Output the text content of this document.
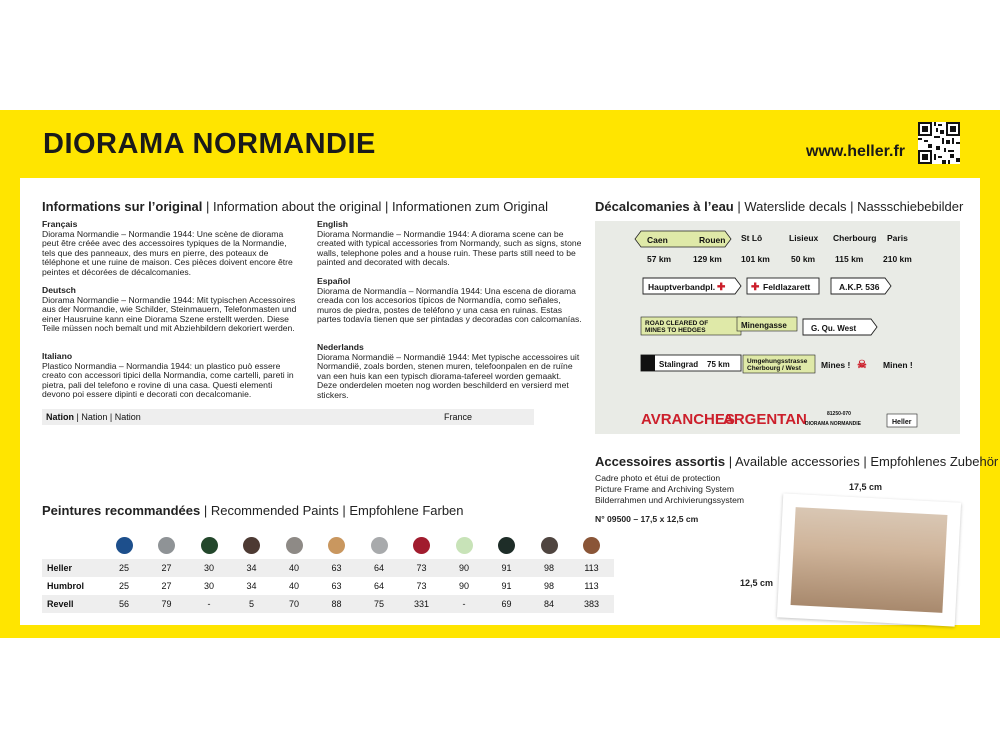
DIORAMA NORMANDIE	www.heller.fr
Informations sur l’original | Information about the original | Informationen zum Original
Français
Diorama Normandie – Normandie 1944: Une scène de diorama peut être créée avec des accessoires typiques de la Normandie, tels que des panneaux, des murs en pierre, des poteaux de téléphone et une ruine de maison. Ces pièces doivent encore être peintes et décorées de décalcomanies.
Deutsch
Diorama Normandie – Normandie 1944: Mit typischen Accessoires aus der Normandie, wie Schilder, Steinmauern, Telefonmasten und einer Hausruine kann eine Diorama Szene erstellt werden. Diese Teile müssen noch bemalt und mit Abziehbildern dekoriert werden.
Italiano
Plastico Normandia – Normandia 1944: un plastico può essere creato con accessori tipici della Normandia, come cartelli, pareti in pietra, pali del telefono e rovine di una casa. Questi elementi devono poi essere dipinti e decorati con decalcomanie.
English
Diorama Normandie – Normandie 1944: A diorama scene can be created with typical accessories from Normandy, such as signs, stone walls, telephone poles and a house ruin. These parts still need to be painted and decorated with decals.
Español
Diorama de Normandía – Normandía 1944: Una escena de diorama creada con los accesorios típicos de Normandía, como señales, muros de piedra, postes de teléfono y una casa en ruinas. Estas partes todavía tienen que ser pintadas y decoradas con calcomanías.
Nederlands
Diorama Normandië – Normandië 1944: Met typische accessoires uit Normandië, zoals borden, stenen muren, telefoonpalen en de ruïne van een huis kan een typisch diorama-tafereel worden gemaakt. Deze onderdelen moeten nog worden beschilderd en versierd met stickers.
Nation | Nation | Nation	France
Peintures recommandées | Recommended Paints | Empfohlene Farben
Heller	25	27	30	34	40	63	64	73	90	91	98	113
Humbrol	25	27	30	34	40	63	64	73	90	91	98	113
Revell	56	79	-	5	70	88	75	331	-	69	84	383
Décalcomanies à l’eau | Waterslide decals | Nassschiebebilder
Caen	Rouen
57 km	129 km
St Lô	Lisieux
101 km 50 km
Cherbourg Paris
115 km 210 km
Hauptverbandpl. ✚	✚ Feldlazarett	A.K.P. 536
ROAD CLEARED OF
MINES TO HEDGES
Minengasse	G. Qu. West
Stalingrad 75 km	Umgehungsstrasse
Cherbourg / West Mines ! ☠ Minen !
AVRANCHES
ARGENTAN	81250-070
DIORAMA NORMANDIE	Heller
Accessoires assortis | Available accessories | Empfohlenes Zubehör
Cadre photo et étui de protection
Picture Frame and Archiving System
Bilderrahmen und Archivierungssystem
N° 09500 – 17,5 x 12,5 cm
17,5 cm
12,5 cm
